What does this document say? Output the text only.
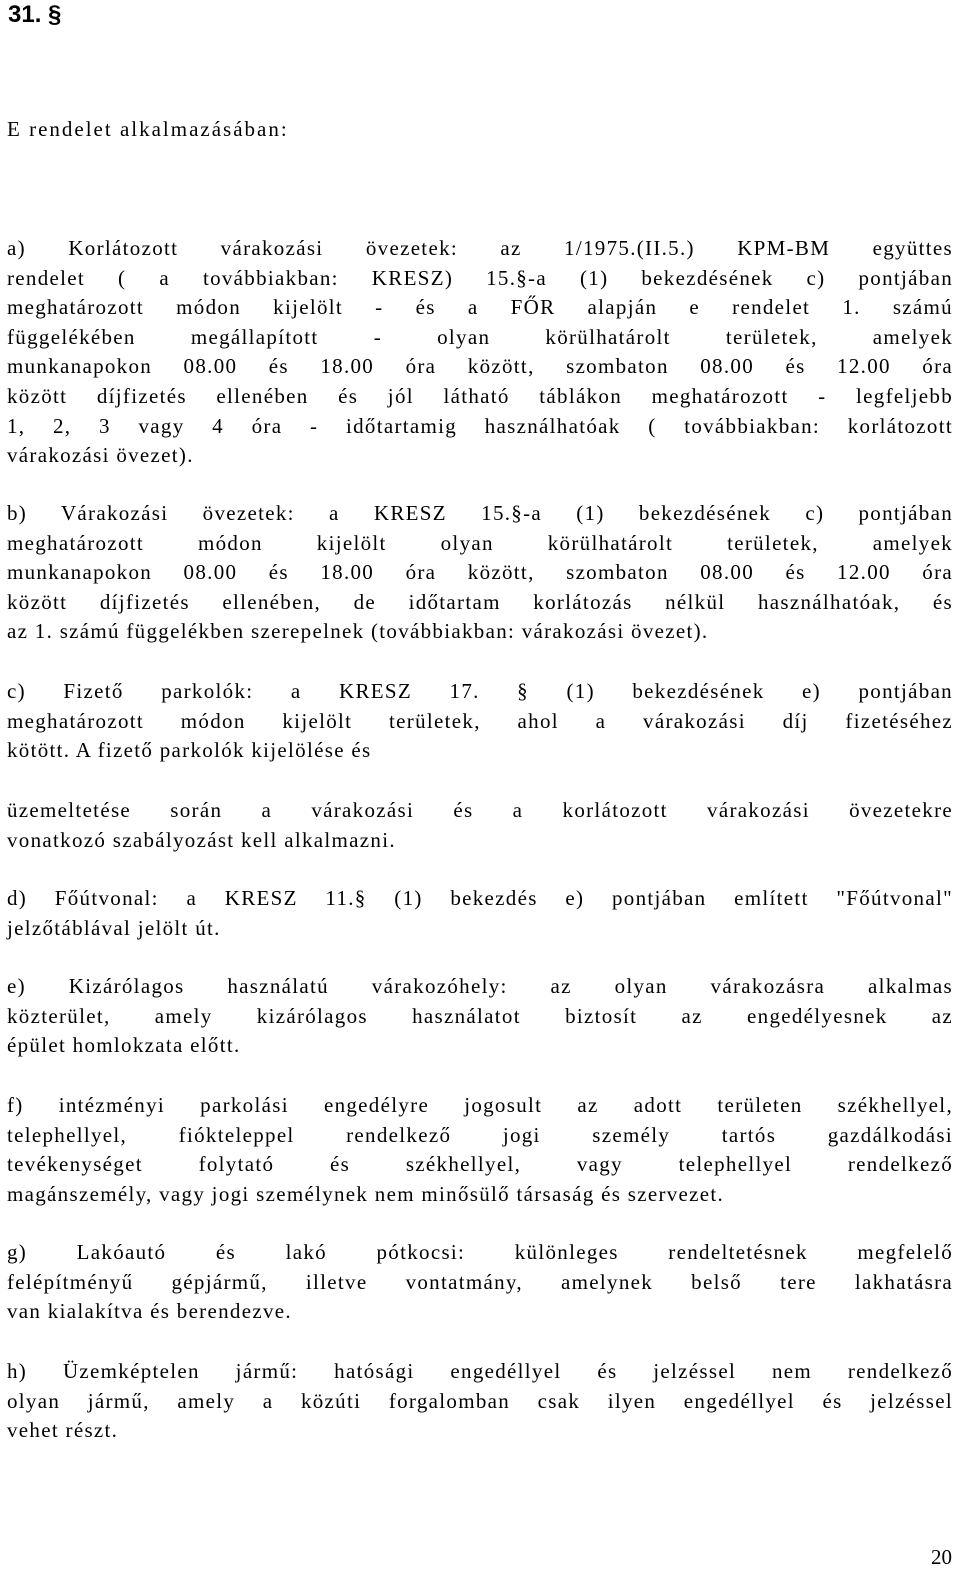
31. §
E rendelet alkalmazásában:
a) Korlátozott várakozási övezetek: az 1/1975.(II.5.) KPM-BM együttes
rendelet ( a továbbiakban: KRESZ) 15.§-a (1) bekezdésének c) pontjában
meghatározott módon kijelölt - és a FŐR alapján e rendelet 1. számú
függelékében megállapított - olyan körülhatárolt területek, amelyek
munkanapokon 08.00 és 18.00 óra között, szombaton 08.00 és 12.00 óra
között díjfizetés ellenében és jól látható táblákon meghatározott - legfeljebb
1, 2, 3 vagy 4 óra - időtartamig használhatóak ( továbbiakban: korlátozott
várakozási övezet).
b) Várakozási övezetek: a KRESZ 15.§-a (1) bekezdésének c) pontjában
meghatározott módon kijelölt olyan körülhatárolt területek, amelyek
munkanapokon 08.00 és 18.00 óra között, szombaton 08.00 és 12.00 óra
között díjfizetés ellenében, de időtartam korlátozás nélkül használhatóak, és
az 1. számú függelékben szerepelnek (továbbiakban: várakozási övezet).
c) Fizető parkolók: a KRESZ 17. § (1) bekezdésének e) pontjában
meghatározott módon kijelölt területek, ahol a várakozási díj fizetéséhez
kötött. A fizető parkolók kijelölése és
üzemeltetése során a várakozási és a korlátozott várakozási övezetekre
vonatkozó szabályozást kell alkalmazni.
d) Főútvonal: a KRESZ 11.§ (1) bekezdés e) pontjában említett "Főútvonal"
jelzőtáblával jelölt út.
e) Kizárólagos használatú várakozóhely: az olyan várakozásra alkalmas
közterület, amely kizárólagos használatot biztosít az engedélyesnek az
épület homlokzata előtt.
f) intézményi parkolási engedélyre jogosult az adott területen székhellyel,
telephellyel, fiókteleppel rendelkező jogi személy tartós gazdálkodási
tevékenységet folytató és székhellyel, vagy telephellyel rendelkező
magánszemély, vagy jogi személynek nem minősülő társaság és szervezet.
g) Lakóautó és lakó pótkocsi: különleges rendeltetésnek megfelelő
felépítményű gépjármű, illetve vontatmány, amelynek belső tere lakhatásra
van kialakítva és berendezve.
h) Üzemképtelen jármű: hatósági engedéllyel és jelzéssel nem rendelkező
olyan jármű, amely a közúti forgalomban csak ilyen engedéllyel és jelzéssel
vehet részt.
20
